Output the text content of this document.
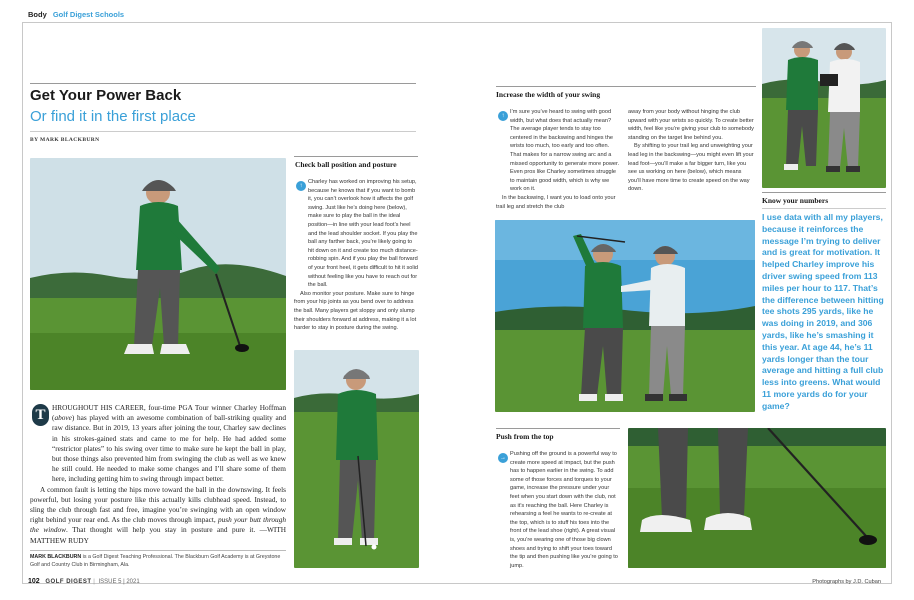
Body Golf Digest Schools
Get Your Power Back
Or find it in the first place
BY MARK BLACKBURN
T HROUGHOUT HIS CAREER, four-time PGA Tour winner Charley Hoffman (above) has played with an awesome combination of ball-striking quality and raw distance. But in 2019, 13 years after joining the tour, Charley saw declines in his strokes-gained stats and came to me for help. He had added some “restrictor plates” to his swing over time to make sure he kept the ball in play, but those things also prevented him from swinging the club as well as we knew he still could. He needed to make some changes and I’ll share some of them here, including getting him to swing through impact better.

A common fault is letting the hips move toward the ball in the downswing. It feels powerful, but losing your posture like this actually kills clubhead speed. Instead, to sling the club through fast and free, imagine you’re swinging with an open window right behind your rear end. As the club moves through impact, push your butt through the window. That thought will help you stay in posture and pure it. —WITH MATTHEW RUDY

MARK BLACKBURN is a Golf Digest Teaching Professional. The Blackburn Golf Academy is at Greystone Golf and Country Club in Birmingham, Ala.
Check ball position and posture
↑

Charley has worked on improving his setup, because he knows that if you want to bomb it, you can’t overlook how it affects the golf swing. Just like he’s doing here (below), make sure to play the ball in the ideal position—in line with your lead foot’s heel and the lead shoulder socket. If you play the ball any farther back, you’re likely going to hit down on it and create too much distance-robbing spin. And if you play the ball forward of your front heel, it gets difficult to hit it solid without feeling like you have to reach out for the ball.

Also monitor your posture. Make sure to hinge from your hip joints as you bend over to address the ball. Many players get sloppy and only slump their shoulders forward at address, making it a lot harder to stay in posture during the swing.

Increase the width of your swing
↑

I’m sure you’ve heard to swing with good width, but what does that actually mean? The average player tends to stay too centered in the backswing and hinges the wrists too much, too early and too often. That makes for a narrow swing arc and a missed opportunity to generate more power. Even pros like Charley sometimes struggle to maintain good width, which is why we work on it.

In the backswing, I want you to load onto your trail leg and stretch the club

away from your body without hinging the club upward with your wrists so quickly. To create better width, feel like you’re giving your club to somebody standing on the target line behind you.

By shifting to your trail leg and unweighting your lead leg in the backswing—you might even lift your lead foot—you’ll make a far bigger turn, like you see us working on here (below), which means you’ll have more time to create speed on the way down.

Push from the top
→

Pushing off the ground is a powerful way to create more speed at impact, but the push has to happen earlier in the swing. To add some of those forces and torques to your game, increase the pressure under your feet when you start down with the club, not as it’s reaching the ball. Here Charley is rehearsing a feel he wants to re-create at the top, which is to stuff his toes into the front of the lead shoe (right). A great visual is, you’re wearing one of those big clown shoes and trying to shift your toes toward the tip and then pushing like you’re going to jump.

Know your numbers
I use data with all my players, because it reinforces the message I’m trying to deliver and is great for motivation. It helped Charley improve his driver swing speed from 113 miles per hour to 117. That’s the difference between hitting tee shots 295 yards, like he was doing in 2019, and 306 yards, like he’s smashing it this year. At age 44, he’s 11 yards longer than the tour average and hitting a full club less into greens. What would 11 more yards do for your game?
102 GOLF DIGEST | ISSUE 5 | 2021	Photographs by J.D. Cuban
